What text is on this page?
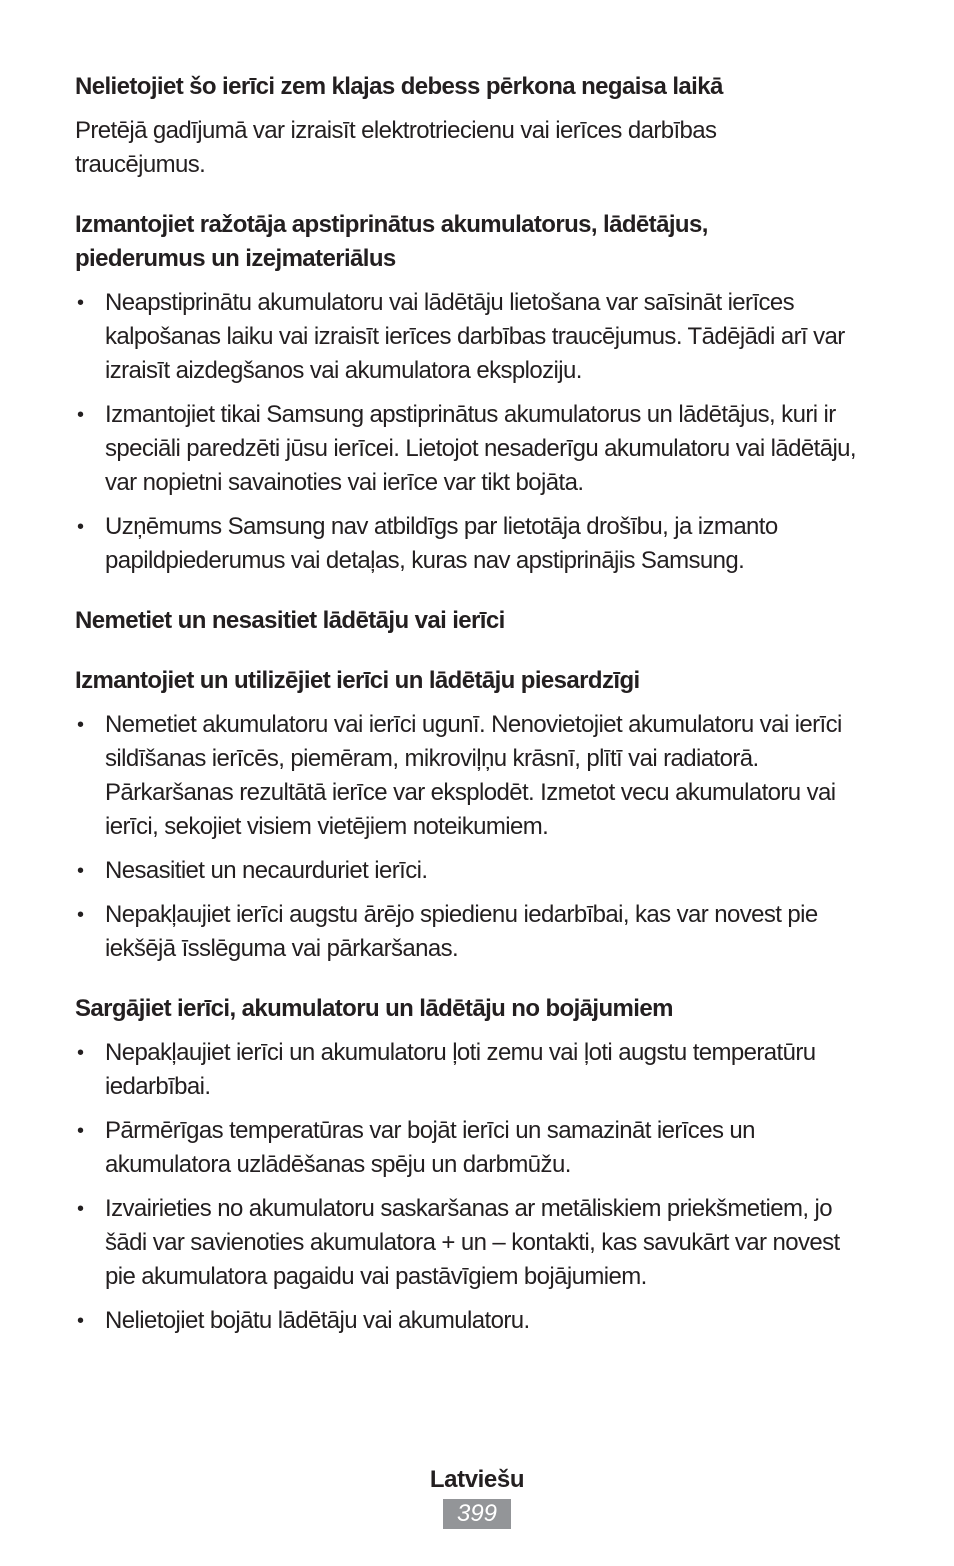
Nelietojiet šo ierīci zem klajas debess pērkona negaisa laikā

Pretējā gadījumā var izraisīt elektrotriecienu vai ierīces darbības traucējumus.

Izmantojiet ražotāja apstiprinātus akumulatorus, lādētājus, piederumus un izejmateriālus

• Neapstiprinātu akumulatoru vai lādētāju lietošana var saīsināt ierīces kalpošanas laiku vai izraisīt ierīces darbības traucējumus. Tādējādi arī var izraisīt aizdegšanos vai akumulatora eksploziju.
• Izmantojiet tikai Samsung apstiprinātus akumulatorus un lādētājus, kuri ir speciāli paredzēti jūsu ierīcei. Lietojot nesaderīgu akumulatoru vai lādētāju, var nopietni savainoties vai ierīce var tikt bojāta.
• Uzņēmums Samsung nav atbildīgs par lietotāja drošību, ja izmanto papildpiederumus vai detaļas, kuras nav apstiprinājis Samsung.

Nemetiet un nesasitiet lādētāju vai ierīci

Izmantojiet un utilizējiet ierīci un lādētāju piesardzīgi

• Nemetiet akumulatoru vai ierīci ugunī. Nenovietojiet akumulatoru vai ierīci sildīšanas ierīcēs, piemēram, mikroviļņu krāsnī, plītī vai radiatorā. Pārkaršanas rezultātā ierīce var eksplodēt. Izmetot vecu akumulatoru vai ierīci, sekojiet visiem vietējiem noteikumiem.
• Nesasitiet un necaurduriet ierīci.
• Nepakļaujiet ierīci augstu ārējo spiedienu iedarbībai, kas var novest pie iekšējā īsslēguma vai pārkaršanas.

Sargājiet ierīci, akumulatoru un lādētāju no bojājumiem

• Nepakļaujiet ierīci un akumulatoru ļoti zemu vai ļoti augstu temperatūru iedarbībai.
• Pārmērīgas temperatūras var bojāt ierīci un samazināt ierīces un akumulatora uzlādēšanas spēju un darbmūžu.
• Izvairieties no akumulatoru saskaršanas ar metāliskiem priekšmetiem, jo šādi var savienoties akumulatora + un – kontakti, kas savukārt var novest pie akumulatora pagaidu vai pastāvīgiem bojājumiem.
• Nelietojiet bojātu lādētāju vai akumulatoru.
Latviešu
399
